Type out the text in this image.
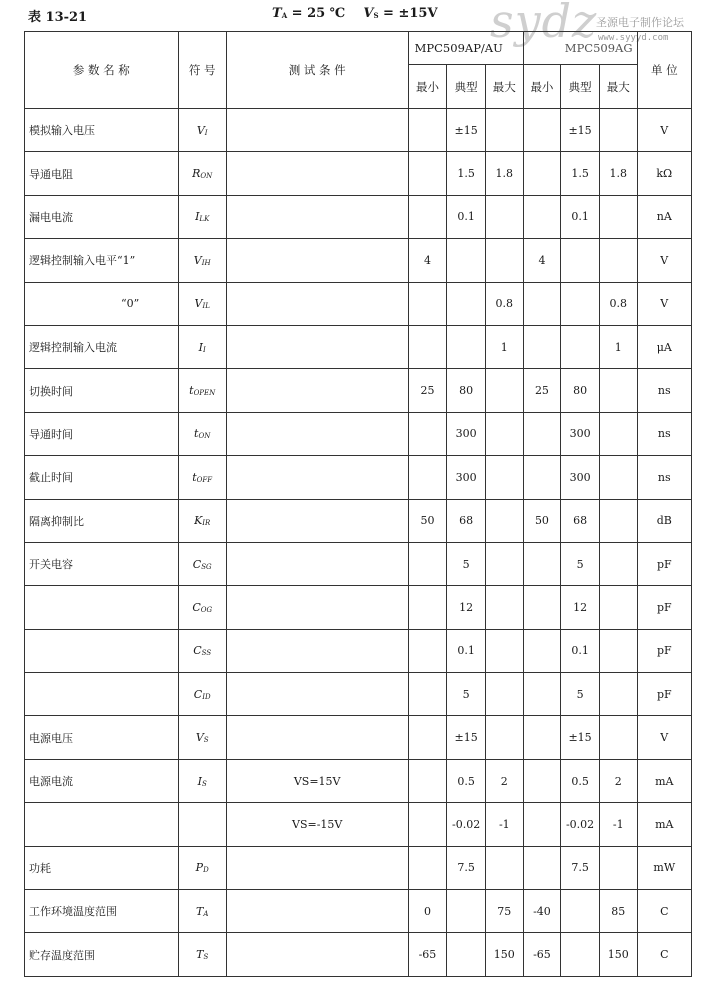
表 13-21	TA = 25 ℃ VS = ±15V sydz
圣源电子制作论坛
www.syyyd.com
参 数 名 称	符 号	测 试 条 件	MPC509AP/AU			MPC509AG			单 位
			最小	典型	最大	最小	典型	最大	
模拟输入电压	VI			±15			±15		V
导通电阻	RON			1.5	1.8		1.5	1.8	kΩ
漏电电流	ILK			0.1			0.1		nA
逻辑控制输入电平“1”	VIH		4			4			V
“0”	VIL				0.8			0.8	V
逻辑控制输入电流	II				1			1	μA
切换时间	tOPEN		25	80		25	80		ns
导通时间	tON			300			300		ns
截止时间	tOFF			300			300		ns
隔离抑制比	KIR		50	68		50	68		dB
开关电容	CSG			5			5		pF
	COG			12			12		pF
	CSS			0.1			0.1		pF
	CID			5			5		pF
电源电压	VS			±15			±15		V
电源电流	IS	VS=15V		0.5	2		0.5	2	mA
		VS=-15V		-0.02	-1		-0.02	-1	mA
功耗	PD			7.5			7.5		mW
工作环境温度范围	TA		0		75	-40		85	C
贮存温度范围	TS		-65		150	-65		150	C
